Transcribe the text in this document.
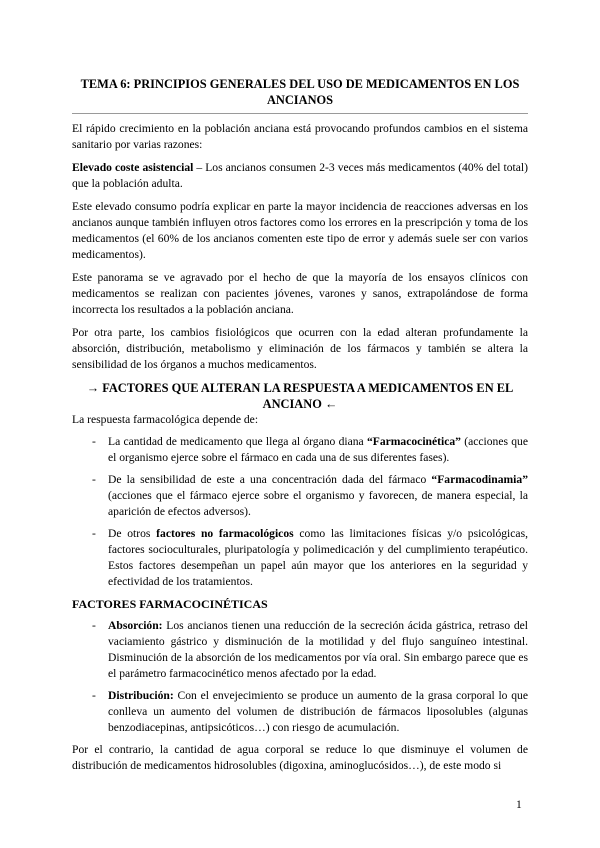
TEMA 6: PRINCIPIOS GENERALES DEL USO DE MEDICAMENTOS EN LOS ANCIANOS

El rápido crecimiento en la población anciana está provocando profundos cambios en el sistema sanitario por varias razones:

Elevado coste asistencial – Los ancianos consumen 2-3 veces más medicamentos (40% del total) que la población adulta.

Este elevado consumo podría explicar en parte la mayor incidencia de reacciones adversas en los ancianos aunque también influyen otros factores como los errores en la prescripción y toma de los medicamentos (el 60% de los ancianos comenten este tipo de error y además suele ser con varios medicamentos).

Este panorama se ve agravado por el hecho de que la mayoría de los ensayos clínicos con medicamentos se realizan con pacientes jóvenes, varones y sanos, extrapolándose de forma incorrecta los resultados a la población anciana.

Por otra parte, los cambios fisiológicos que ocurren con la edad alteran profundamente la absorción, distribución, metabolismo y eliminación de los fármacos y también se altera la sensibilidad de los órganos a muchos medicamentos.

→ FACTORES QUE ALTERAN LA RESPUESTA A MEDICAMENTOS EN EL ANCIANO ←

La respuesta farmacológica depende de:

- La cantidad de medicamento que llega al órgano diana “Farmacocinética” (acciones que el organismo ejerce sobre el fármaco en cada una de sus diferentes fases).
- De la sensibilidad de este a una concentración dada del fármaco “Farmacodinamia” (acciones que el fármaco ejerce sobre el organismo y favorecen, de manera especial, la aparición de efectos adversos).
- De otros factores no farmacológicos como las limitaciones físicas y/o psicológicas, factores socioculturales, pluripatología y polimedicación y del cumplimiento terapéutico. Estos factores desempeñan un papel aún mayor que los anteriores en la seguridad y efectividad de los tratamientos.
FACTORES FARMACOCINÉTICAS
- Absorción: Los ancianos tienen una reducción de la secreción ácida gástrica, retraso del vaciamiento gástrico y disminución de la motilidad y del flujo sanguíneo intestinal. Disminución de la absorción de los medicamentos por vía oral. Sin embargo parece que es el parámetro farmacocinético menos afectado por la edad.
- Distribución: Con el envejecimiento se produce un aumento de la grasa corporal lo que conlleva un aumento del volumen de distribución de fármacos liposolubles (algunas benzodiacepinas, antipsicóticos…) con riesgo de acumulación.

Por el contrario, la cantidad de agua corporal se reduce lo que disminuye el volumen de distribución de medicamentos hidrosolubles (digoxina, aminoglucósidos…), de este modo si

1
